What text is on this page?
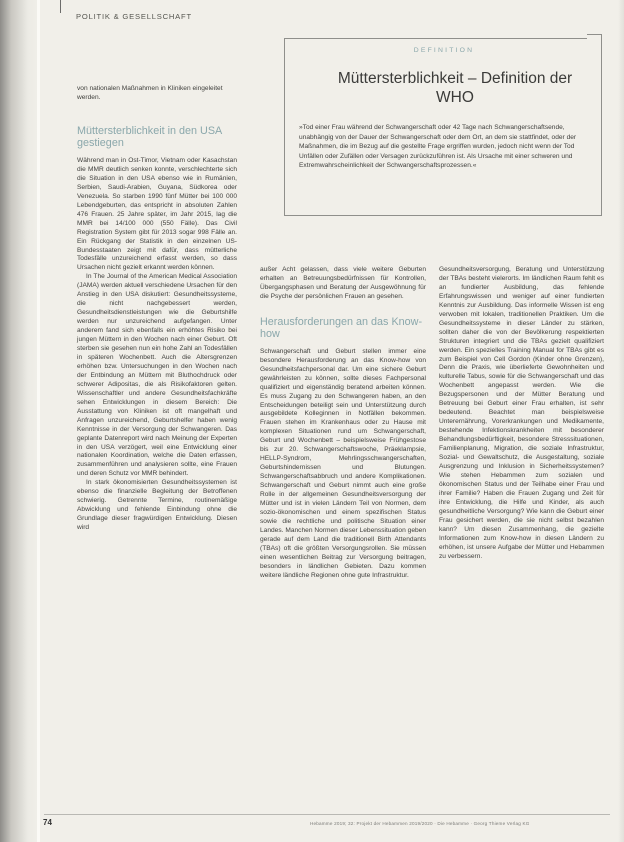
POLITIK & GESELLSCHAFT
von nationalen Maßnahmen in Kliniken eingeleitet werden.
Müttersterblichkeit in den USA gestiegen

Während man in Ost-Timor, Vietnam oder Kasachstan die MMR deutlich senken konnte, verschlechterte sich die Situation in den USA ebenso wie in Rumänien, Serbien, Saudi-Arabien, Guyana, Südkorea oder Venezuela. So starben 1990 fünf Mütter bei 100 000 Lebendgeburten, das entspricht in absoluten Zahlen 476 Frauen. 25 Jahre später, im Jahr 2015, lag die MMR bei 14/100 000 (550 Fälle). Das Civil Registration System gibt für 2013 sogar 998 Fälle an. Ein Rückgang der Statistik in den einzelnen US-Bundesstaaten zeigt mit dafür, dass mütterliche Todesfälle unzureichend erfasst werden, so dass Ursachen nicht gezielt erkannt werden können.

In The Journal of the American Medical Association (JAMA) werden aktuell verschiedene Ursachen für den Anstieg in den USA diskutiert: Gesundheitssysteme, die nicht nachgebessert werden, Gesundheitsdienstleistungen wie die Geburtshilfe werden nur unzureichend aufgefangen. Unter anderem fand sich ebenfalls ein erhöhtes Risiko bei jungen Müttern in den Wochen nach einer Geburt. Oft sterben sie gesehen nun ein hohe Zahl an Todesfällen in späteren Wochenbett. Auch die Altersgrenzen erhöhen bzw. Untersuchungen in den Wochen nach der Entbindung an Müttern mit Bluthochdruck oder schwerer Adipositas, die als Risikofaktoren gelten. Wissenschaftler und andere Gesundheitsfachkräfte sehen Entwicklungen in diesem Bereich: Die Ausstattung von Kliniken ist oft mangelhaft und Anfragen unzureichend, Geburtshelfer haben wenig Kenntnisse in der Versorgung der Schwangeren. Das geplante Datenreport wird nach Meinung der Experten in den USA verzögert, weil eine Entwicklung einer nationalen Koordination, welche die Daten erfassen, zusammenführen und analysieren sollte, eine Frauen und deren Schutz vor MMR behindert.

In stark ökonomisierten Gesundheitssystemen ist ebenso die finanzielle Begleitung der Betroffenen schwierig. Getrennte Termine, routinemäßige Abwicklung und fehlende Einbindung ohne die Grundlage dieser fragwürdigen Entwicklung. Diesen wird

DEFINITION
Müttersterblichkeit – Definition der WHO
»Tod einer Frau während der Schwangerschaft oder 42 Tage nach Schwangerschaftsende, unabhängig von der Dauer der Schwangerschaft oder dem Ort, an dem sie stattfindet, oder der Maßnahmen, die im Bezug auf die gestellte Frage ergriffen wurden, jedoch nicht wenn der Tod Unfällen oder Zufällen oder Versagen zurückzuführen ist. Als Ursache mit einer schweren und Extremwahrscheinlichkeit der Schwangerschaftsprozessen.«

außer Acht gelassen, dass viele weitere Geburten erhalten an Betreuungsbedürfnissen für Kontrollen, Übergangsphasen und Beratung der Ausgewöhnung für die Psyche der persönlichen Frauen an gesehen.

Herausforderungen an das Know-how

Schwangerschaft und Geburt stellen immer eine besondere Herausforderung an das Know-how von Gesundheitsfachpersonal dar. Um eine sichere Geburt gewährleisten zu können, sollte dieses Fachpersonal qualifiziert und eigenständig beratend arbeiten können. Es muss Zugang zu den Schwangeren haben, an den Entscheidungen beteiligt sein und Unterstützung durch ausgebildete Kolleginnen in Notfällen bekommen. Frauen stehen im Krankenhaus oder zu Hause mit komplexen Situationen rund um Schwangerschaft, Geburt und Wochenbett – beispielsweise Frühgestose bis zur 20. Schwangerschaftswoche, Präeklampsie, HELLP-Syndrom, Mehrlingsschwangerschaften, Geburtshindernissen und Blutungen. Schwangerschaftsabbruch und andere Komplikationen. Schwangerschaft und Geburt nimmt auch eine große Rolle in der allgemeinen Gesundheitsversorgung der Mütter und ist in vielen Ländern Teil von Normen, dem sozio-ökonomischen und einem spezifischen Status sowie die rechtliche und politische Situation einer Landes. Manchen Normen dieser Lebenssituation geben gerade auf dem Land die traditionell Birth Attendants (TBAs) oft die größten Versorgungsrollen. Sie müssen einen wesentlichen Beitrag zur Versorgung beitragen, besonders in ländlichen Gebieten. Dazu kommen weitere ländliche Regionen ohne gute Infrastruktur.

Gesundheitsversorgung, Beratung und Unterstützung der TBAs besteht vielerorts. Im ländlichen Raum fehlt es an fundierter Ausbildung, das fehlende Erfahrungswissen und weniger auf einer fundierten Kenntnis zur Ausbildung. Das informelle Wissen ist eng verwoben mit lokalen, traditionellen Praktiken. Um die Gesundheitssysteme in dieser Länder zu stärken, sollten daher die von der Bevölkerung respektierten Strukturen integriert und die TBAs gezielt qualifiziert werden. Ein spezielles Training Manual for TBAs gibt es zum Beispiel von Cell Gordon (Kinder ohne Grenzen), Denn die Praxis, wie überlieferte Gewohnheiten und kulturelle Tabus, sowie für die Schwangerschaft und das Wochenbett angepasst werden. Wie die Bezugspersonen und der Mütter Beratung und Betreuung bei Geburt einer Frau erhalten, ist sehr bedeutend. Beachtet man beispielsweise Unterernährung, Vorerkrankungen und Medikamente, bestehende Infektionskrankheiten mit besonderer Behandlungsbedürftigkeit, besondere Stresssituationen, Familienplanung, Migration, die soziale Infrastruktur, Sozial- und Gewaltschutz, die Ausgestaltung, soziale Ausgrenzung und Inklusion in Sicherheitssystemen? Wie stehen Hebammen zum sozialen und ökonomischen Status und der Teilhabe einer Frau und ihrer Familie? Haben die Frauen Zugang und Zeit für ihre Entwicklung, die Hilfe und Kinder, als auch gesundheitliche Versorgung? Wie kann die Geburt einer Frau gesichert werden, die sie nicht selbst bezahlen kann? Um diesen Zusammenhang, die gezielte Informationen zum Know-how in diesen Ländern zu erhöhen, ist unsere Aufgabe der Mütter und Hebammen zu verbessern.

74	Hebamme 2019; 32: Projekt der Hebammen 2019/2020 · Die Hebamme · Georg Thieme Verlag KG
